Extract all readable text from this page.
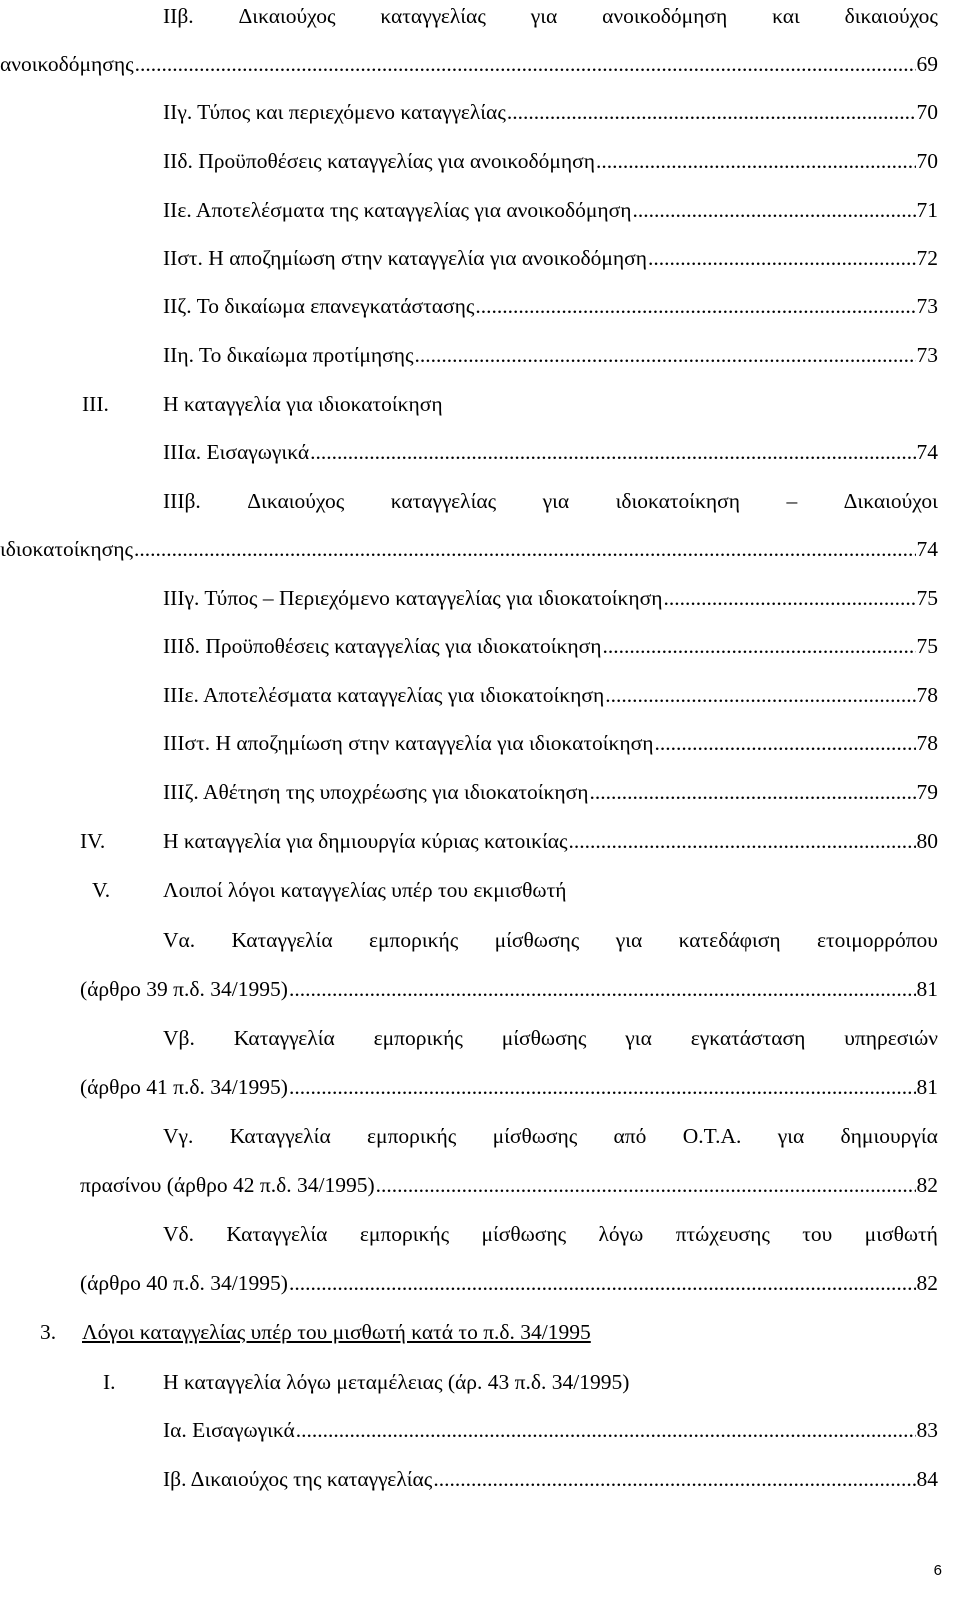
ΙΙβ. Δικαιούχος καταγγελίας για ανοικοδόμηση και δικαιούχος
ανοικοδόμησης .....	69
ΙΙγ. Τύπος και περιεχόμενο καταγγελίας .....	70
ΙΙδ. Προϋποθέσεις καταγγελίας για ανοικοδόμηση .....	70
ΙΙε. Αποτελέσματα της καταγγελίας για ανοικοδόμηση .....	71
ΙΙστ. Η αποζημίωση στην καταγγελία για ανοικοδόμηση .....	72
ΙΙζ. Το δικαίωμα επανεγκατάστασης .....	73
ΙΙη. Το δικαίωμα προτίμησης .....	73
ΙΙΙ.	Η καταγγελία για ιδιοκατοίκηση
ΙΙΙα. Εισαγωγικά .....	74
ΙΙΙβ. Δικαιούχος καταγγελίας για ιδιοκατοίκηση – Δικαιούχοι
ιδιοκατοίκησης .....	74
ΙΙΙγ. Τύπος – Περιεχόμενο καταγγελίας για ιδιοκατοίκηση .....	75
ΙΙΙδ. Προϋποθέσεις καταγγελίας για ιδιοκατοίκηση .....	75
ΙΙΙε. Αποτελέσματα καταγγελίας για ιδιοκατοίκηση .....	78
ΙΙΙστ. Η αποζημίωση στην καταγγελία για ιδιοκατοίκηση .....	78
ΙΙΙζ. Αθέτηση της υποχρέωσης για ιδιοκατοίκηση .....	79
IV.	Η καταγγελία για δημιουργία κύριας κατοικίας .....	80
V. Λοιποί λόγοι καταγγελίας υπέρ του εκμισθωτή
Vα. Καταγγελία εμπορικής μίσθωσης για κατεδάφιση ετοιμορρόπου
(άρθρο 39 π.δ. 34/1995) .....	81
Vβ. Καταγγελία εμπορικής μίσθωσης για εγκατάσταση υπηρεσιών
(άρθρο 41 π.δ. 34/1995) .....	81
Vγ. Καταγγελία εμπορικής μίσθωσης από Ο.Τ.Α. για δημιουργία
πρασίνου (άρθρο 42 π.δ. 34/1995) .....	82
Vδ. Καταγγελία εμπορικής μίσθωσης λόγω πτώχευσης του μισθωτή
(άρθρο 40 π.δ. 34/1995) .....	82
3. Λόγοι καταγγελίας υπέρ του μισθωτή κατά το π.δ. 34/1995
I. Η καταγγελία λόγω μεταμέλειας (άρ. 43 π.δ. 34/1995)
Ια. Εισαγωγικά .....	83
Ιβ. Δικαιούχος της καταγγελίας .....	84
6
